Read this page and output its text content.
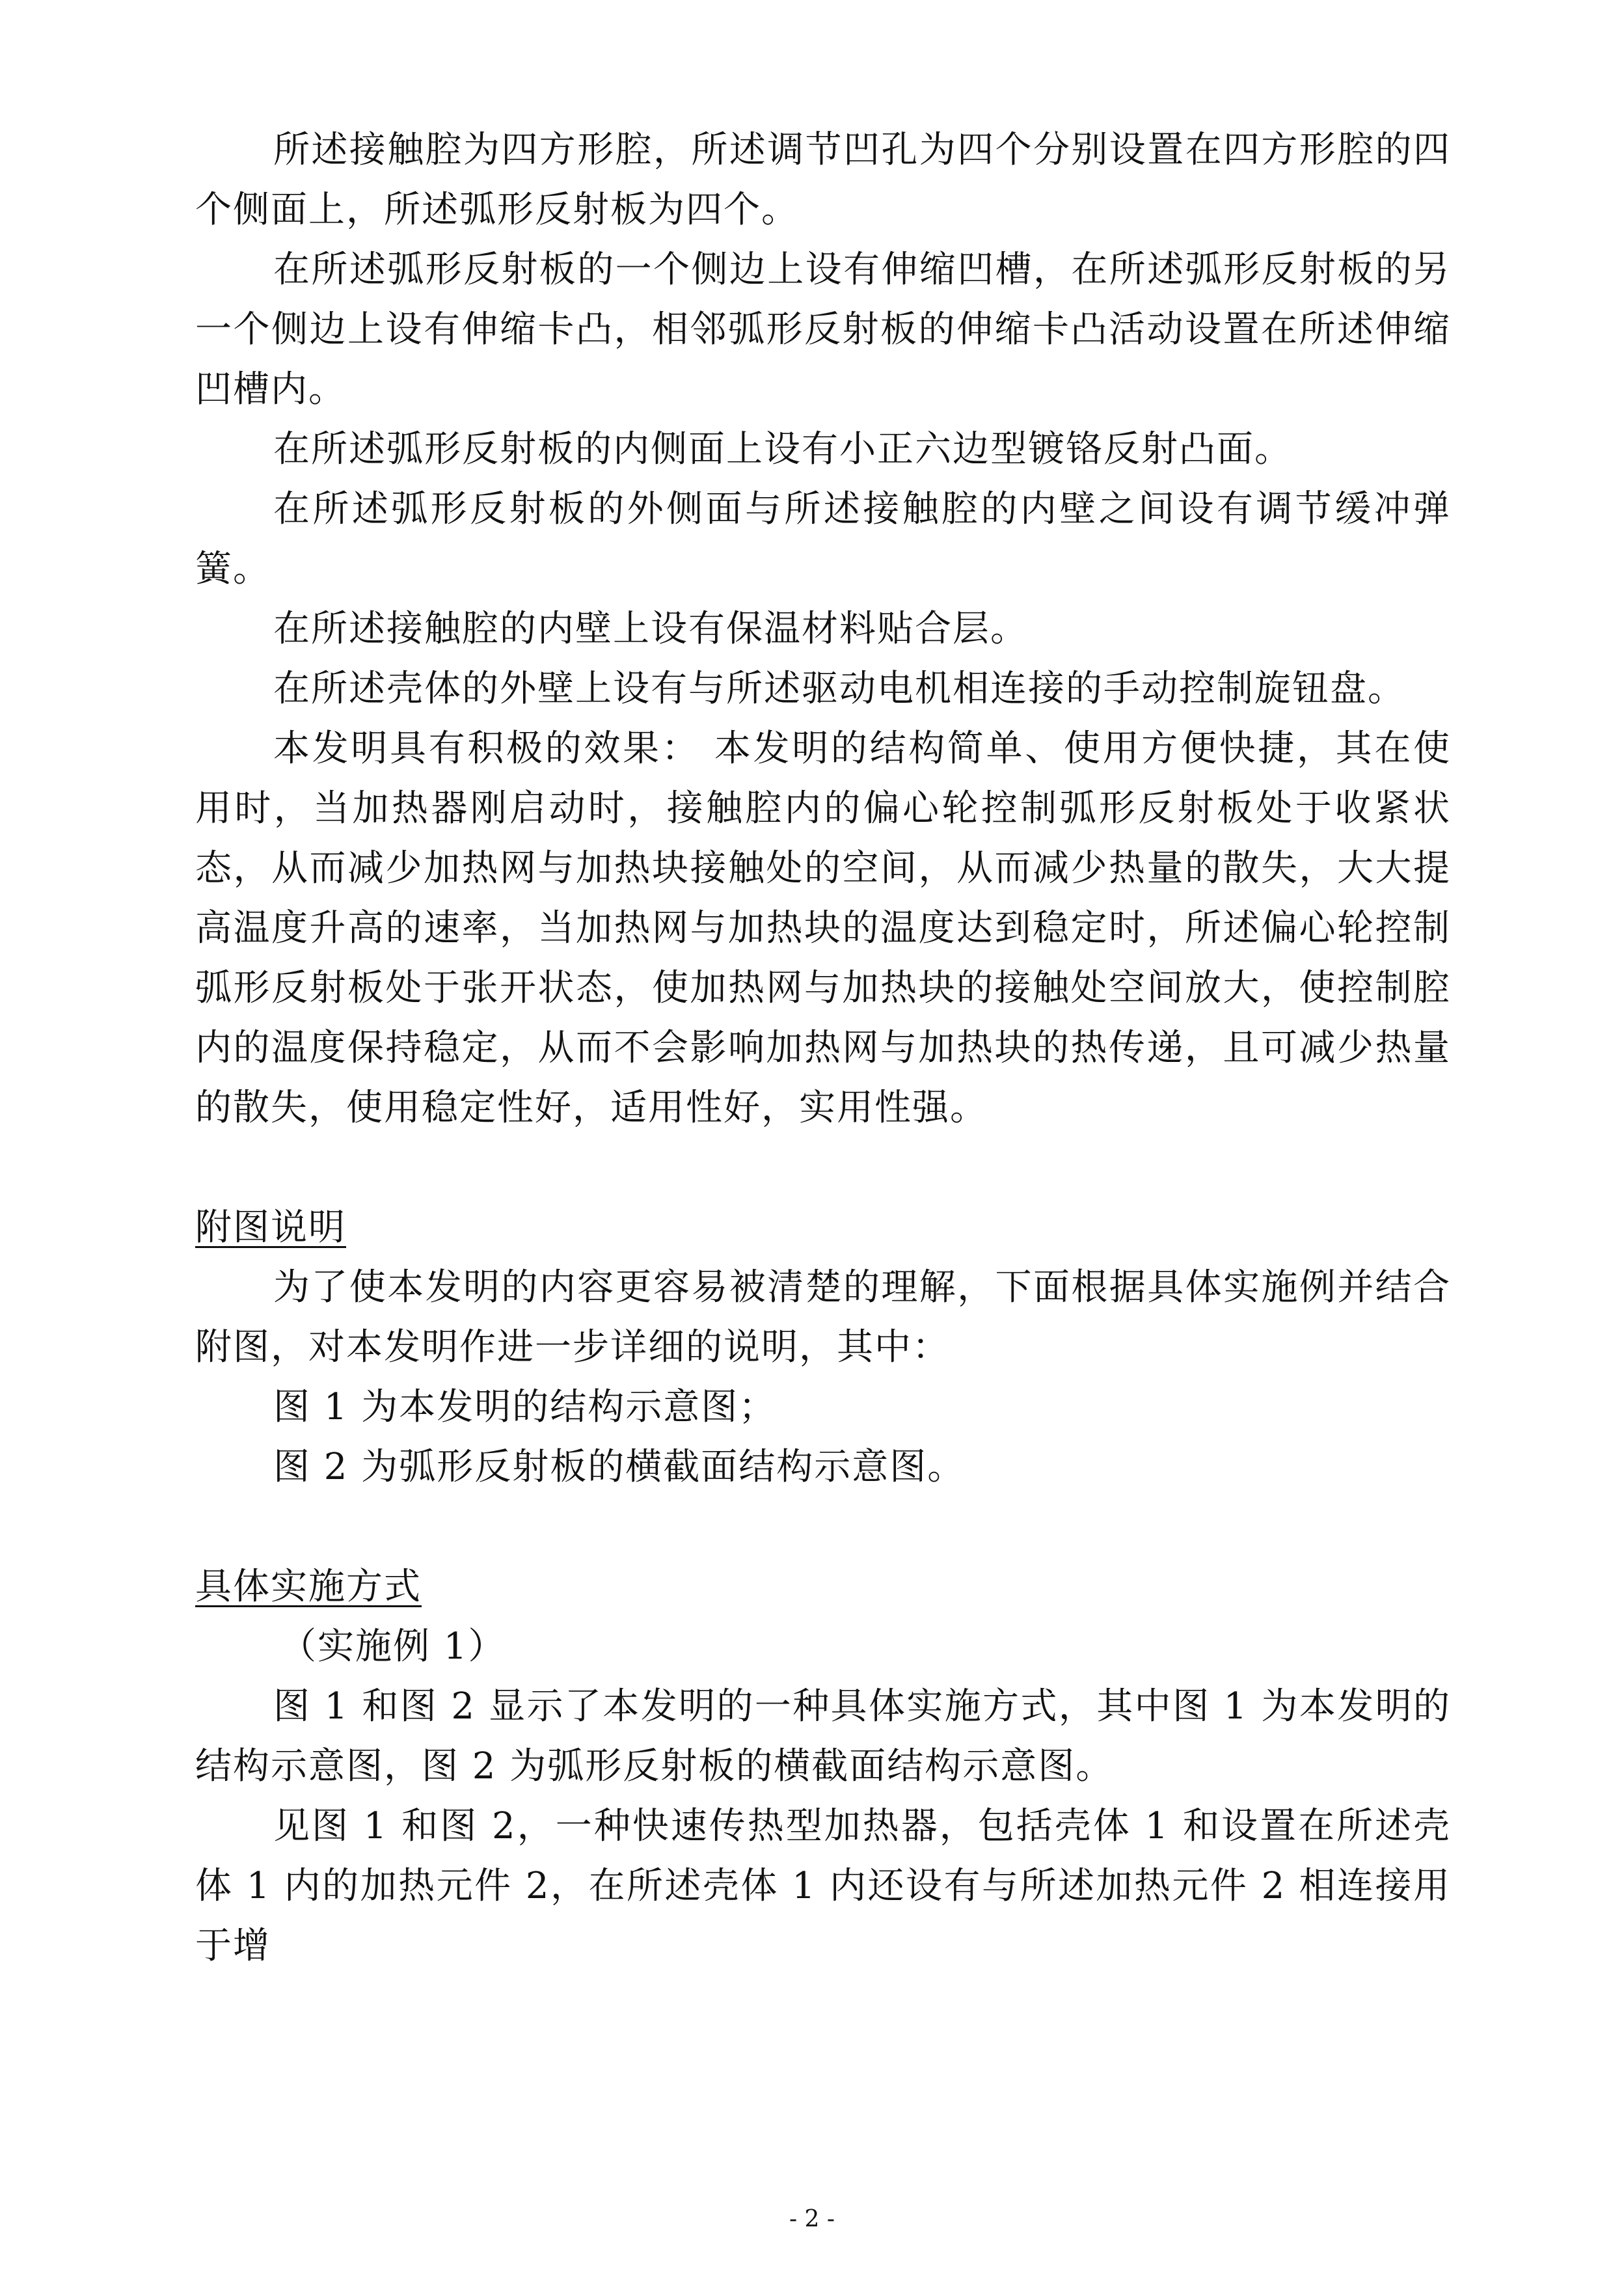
所述接触腔为四方形腔，所述调节凹孔为四个分别设置在四方形腔的四个侧面上，所述弧形反射板为四个。

在所述弧形反射板的一个侧边上设有伸缩凹槽，在所述弧形反射板的另一个侧边上设有伸缩卡凸，相邻弧形反射板的伸缩卡凸活动设置在所述伸缩凹槽内。

在所述弧形反射板的内侧面上设有小正六边型镀铬反射凸面。

在所述弧形反射板的外侧面与所述接触腔的内壁之间设有调节缓冲弹簧。

在所述接触腔的内壁上设有保温材料贴合层。

在所述壳体的外壁上设有与所述驱动电机相连接的手动控制旋钮盘。

本发明具有积极的效果： 本发明的结构简单、使用方便快捷，其在使用时，当加热器刚启动时，接触腔内的偏心轮控制弧形反射板处于收紧状态，从而减少加热网与加热块接触处的空间，从而减少热量的散失，大大提高温度升高的速率，当加热网与加热块的温度达到稳定时，所述偏心轮控制弧形反射板处于张开状态，使加热网与加热块的接触处空间放大，使控制腔内的温度保持稳定，从而不会影响加热网与加热块的热传递，且可减少热量的散失，使用稳定性好，适用性好，实用性强。

附图说明

为了使本发明的内容更容易被清楚的理解，下面根据具体实施例并结合附图，对本发明作进一步详细的说明，其中：

图 1 为本发明的结构示意图；

图 2 为弧形反射板的横截面结构示意图。

具体实施方式

（实施例 1）

图 1 和图 2 显示了本发明的一种具体实施方式，其中图 1 为本发明的结构示意图，图 2 为弧形反射板的横截面结构示意图。

见图 1 和图 2，一种快速传热型加热器，包括壳体 1 和设置在所述壳体 1 内的加热元件 2，在所述壳体 1 内还设有与所述加热元件 2 相连接用于增

- 2 -
